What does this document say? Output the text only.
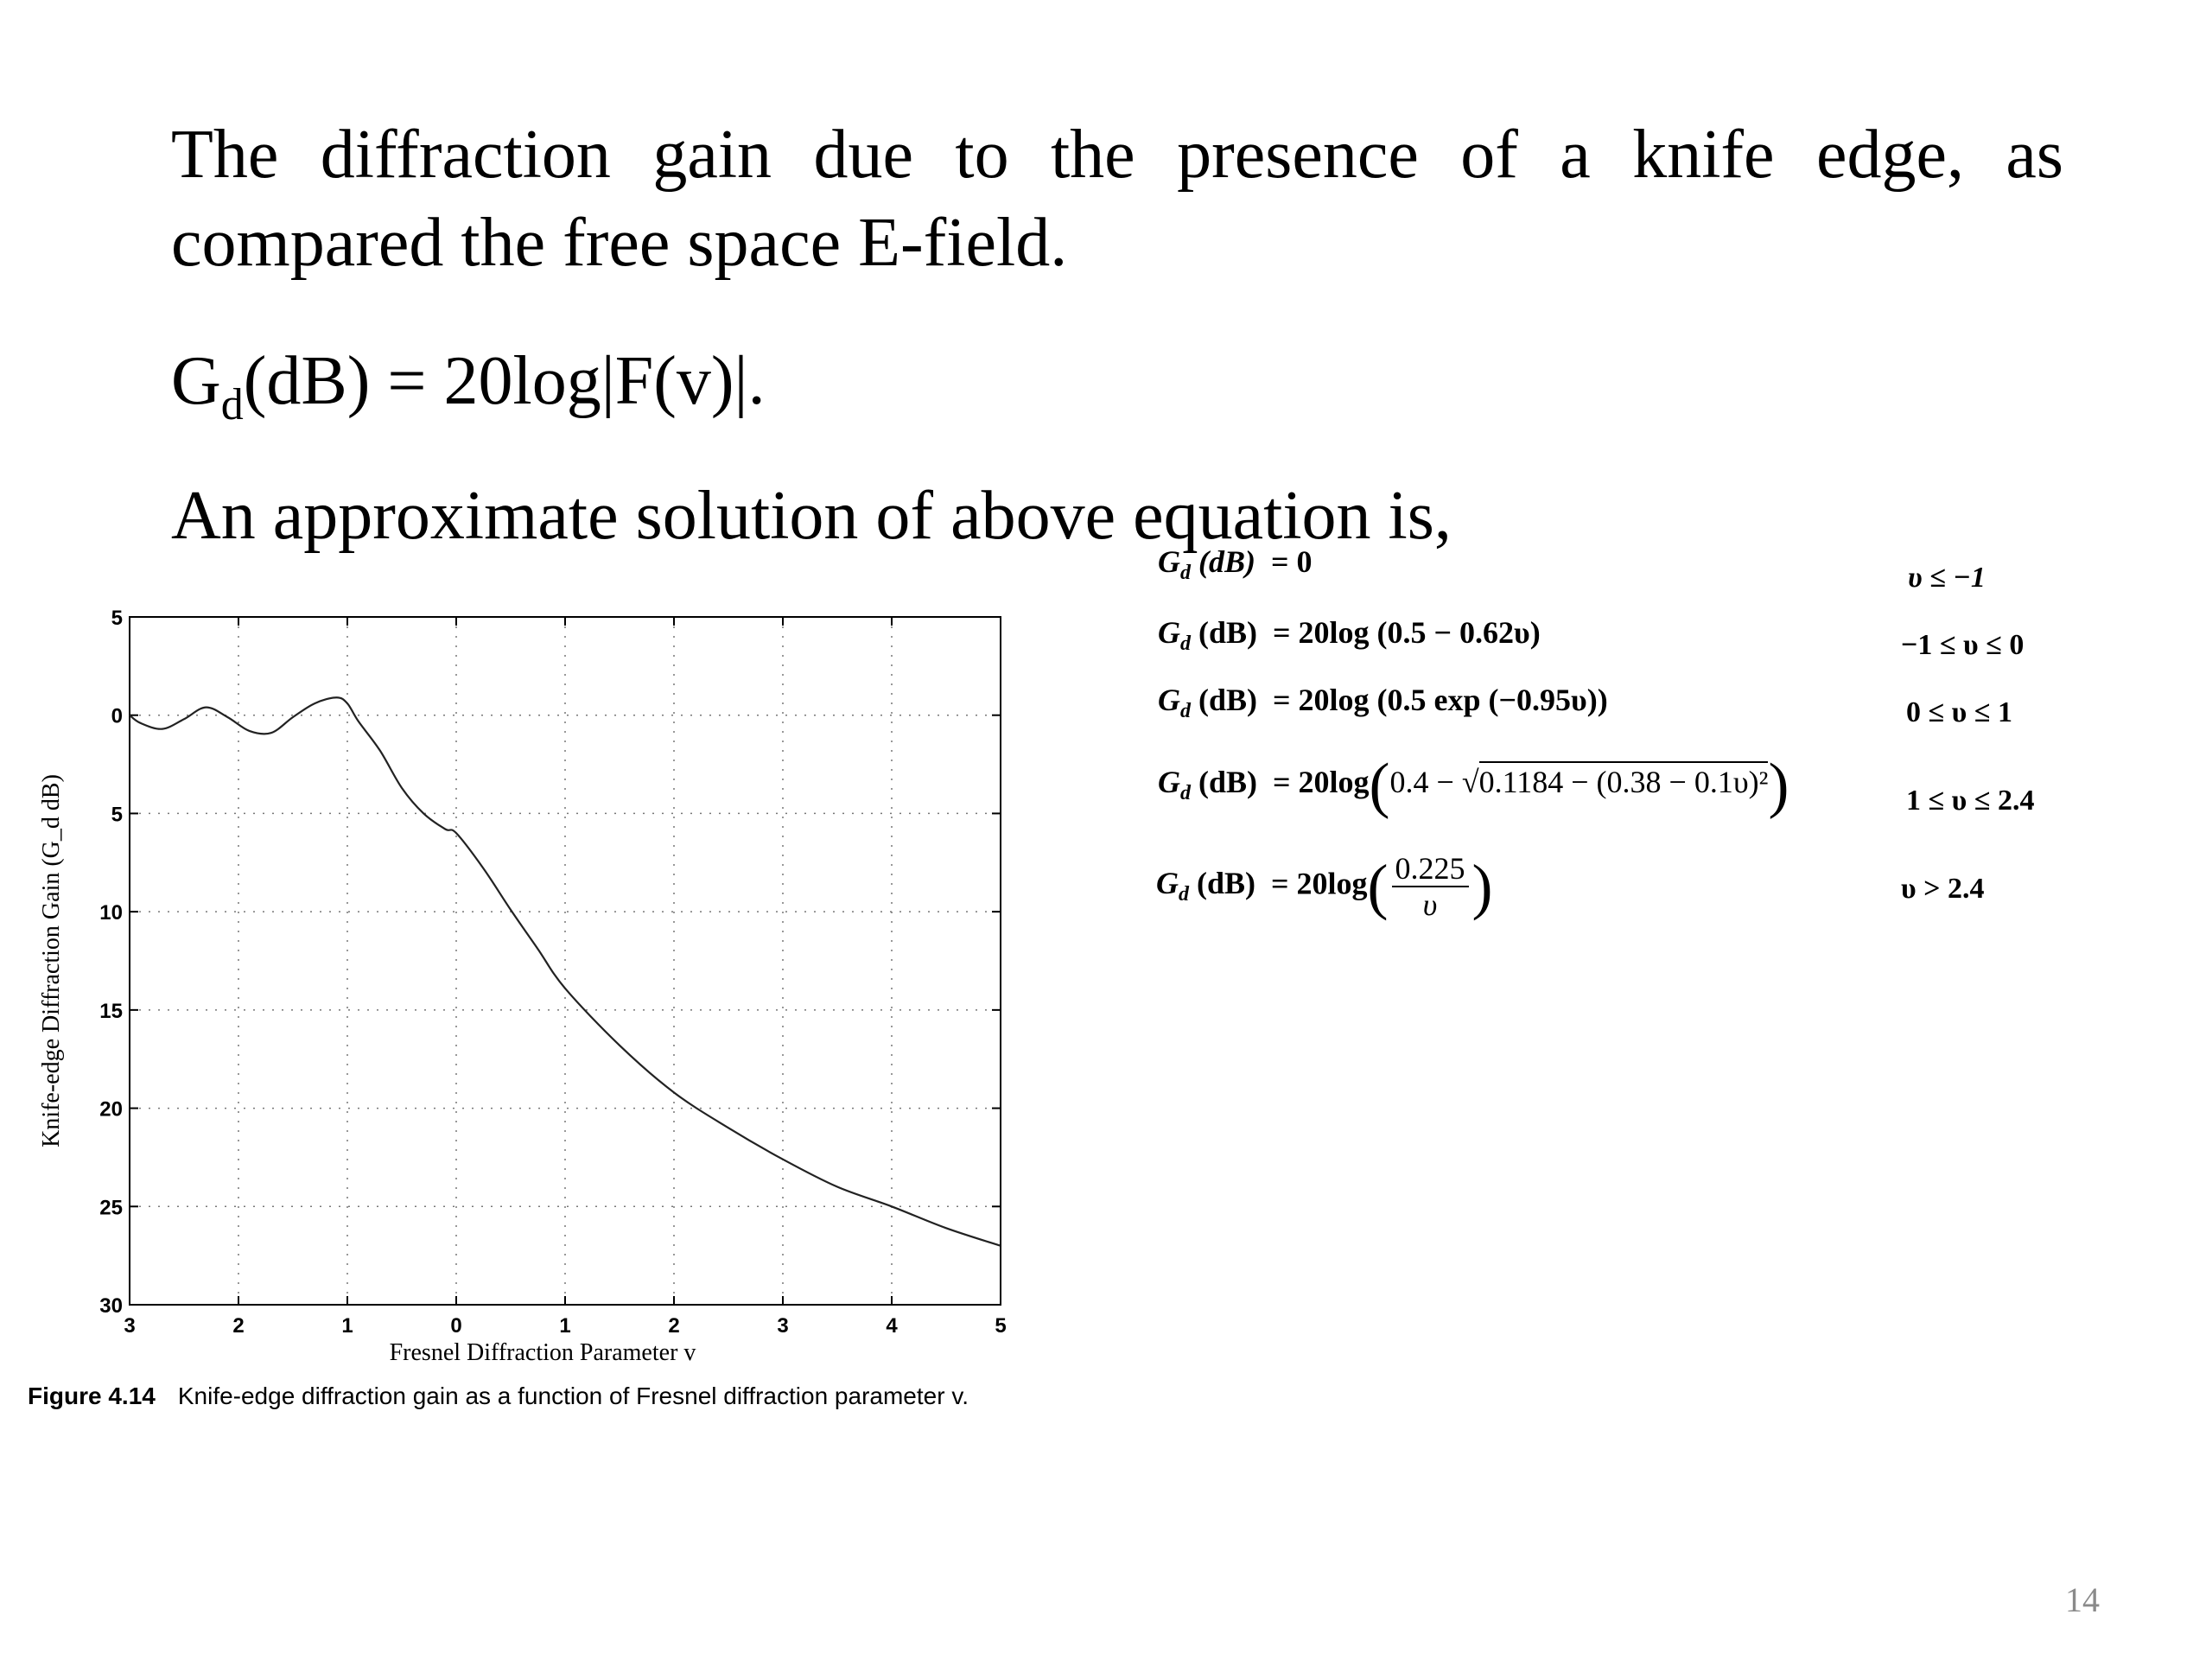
The diffraction gain due to the presence of a knife edge, as compared the free space E-field.

$G_d(dB) = 20\log|F(v)|$.

An approximate solution of above equation is,

$G_d$ (dB) = 0	υ ≤ −1
$G_d$ (dB) = 20log (0.5 − 0.62υ)	−1 ≤ υ ≤ 0
$G_d$ (dB) = 20log (0.5 exp (−0.95υ))	0 ≤ υ ≤ 1
$G_d$ (dB) = 20log(0.4 − √0.1184 − (0.38 − 0.1υ)²)	1 ≤ υ ≤ 2.4
$G_d$ $(dB) = 20\log( \frac{0.225}{\upsilon}$ )	υ > 2.4
5
0
5
10
15
20
25
30
3	2	1	0	1	2	3	4	5
Fresnel Diffraction Parameter v
Knife-edge Diffraction Gain (G_d dB)
Figure 4.14 Knife-edge diffraction gain as a function of Fresnel diffraction parameter v.
14
